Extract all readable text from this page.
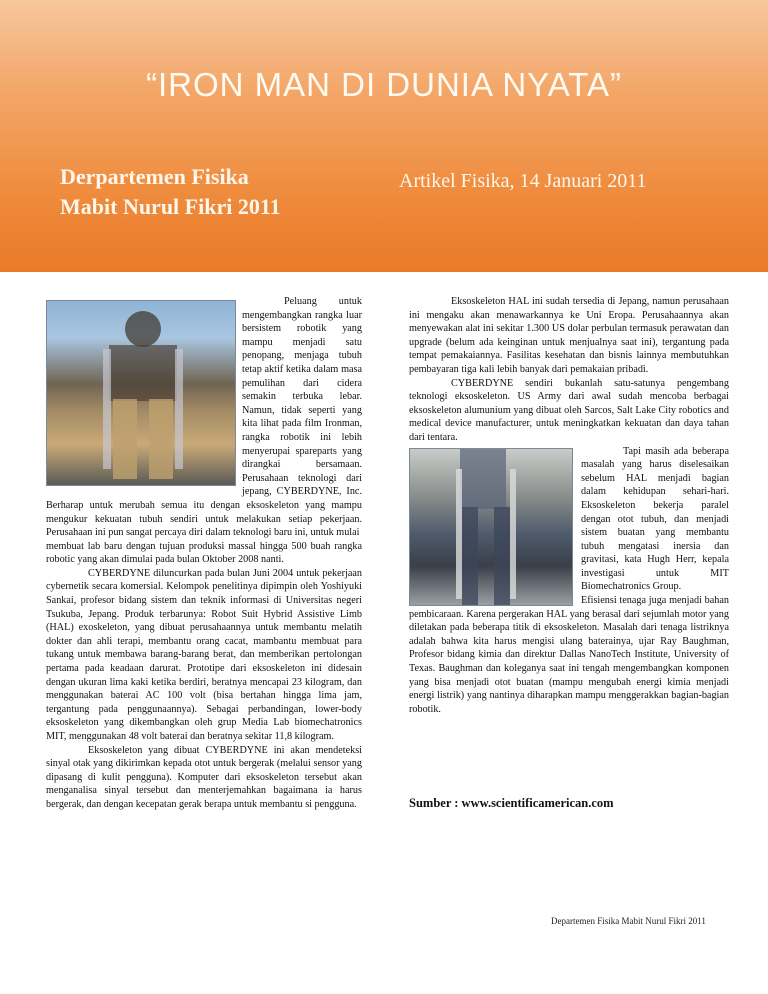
“IRON MAN DI DUNIA NYATA”
Derpartemen Fisika
Mabit Nurul Fikri 2011
Artikel Fisika, 14 Januari 2011

Peluang untuk mengembangkan rangka luar bersistem robotik yang mampu menjadi satu penopang, menjaga tubuh tetap aktif ketika dalam masa pemulihan dari cidera semakin terbuka lebar. Namun, tidak seperti yang kita lihat pada film Ironman, rangka robotik ini lebih menyerupai spareparts yang dirangkai bersamaan. Perusahaan teknologi dari jepang, CYBERDYNE, Inc. Berharap untuk merubah semua itu dengan eksoskeleton yang mampu mengukur kekuatan tubuh sendiri untuk melakukan setiap pekerjaan. Perusahaan ini pun sangat percaya diri dalam teknologi baru ini, untuk mulai

membuat lab baru dengan tujuan produksi massal hingga 500 buah rangka robotic yang akan dimulai pada bulan Oktober 2008 nanti.

CYBERDYNE diluncurkan pada bulan Juni 2004 untuk pekerjaan cybernetik secara komersial. Kelompok penelitinya dipimpin oleh Yoshiyuki Sankai, profesor bidang sistem dan teknik informasi di Universitas negeri Tsukuba, Jepang. Produk terbarunya: Robot Suit Hybrid Assistive Limb (HAL) exoskeleton, yang dibuat perusahaannya untuk membantu melatih dokter dan ahli terapi, membantu orang cacat, mambantu membuat para tukang untuk membawa barang-barang berat, dan memberikan pertolongan pertama pada keadaan darurat. Prototipe dari eksoskeleton ini didesain dengan ukuran lima kaki ketika berdiri, beratnya mencapai 23 kilogram, dan menggunakan baterai AC 100 volt (bisa bertahan hingga lima jam, tergantung pada penggunaannya). Sebagai perbandingan, lower-body eksoskeleton yang dikembangkan oleh grup Media Lab biomechatronics MIT, menggunakan 48 volt baterai dan beratnya sekitar 11,8 kilogram.

Eksoskeleton yang dibuat CYBERDYNE ini akan mendeteksi sinyal otak yang dikirimkan kepada otot untuk bergerak (melalui sensor yang dipasang di kulit pengguna). Komputer dari eksoskeleton tersebut akan menganalisa sinyal tersebut dan menterjemahkan bagaimana ia harus bergerak, dan dengan kecepatan gerak berapa untuk membantu si pengguna.

Eksoskeleton HAL ini sudah tersedia di Jepang, namun perusahaan ini mengaku akan menawarkannya ke Uni Eropa. Perusahaannya akan menyewakan alat ini sekitar 1.300 US dolar perbulan termasuk perawatan dan upgrade (belum ada keinginan untuk menjualnya saat ini), tergantung pada tempat pemakaiannya. Fasilitas kesehatan dan bisnis lainnya membutuhkan pembayaran tiga kali lebih banyak dari pemakaian pribadi.

CYBERDYNE sendiri bukanlah satu-satunya pengembang teknologi eksoskeleton. US Army dari awal sudah mencoba berbagai eksoskeleton alumunium yang dibuat oleh Sarcos, Salt Lake City robotics and medical device manufacturer, untuk meningkatkan kekuatan dan daya tahan dari tentara.

Tapi masih ada beberapa masalah yang harus diselesaikan sebelum HAL menjadi bagian dalam kehidupan sehari-hari. Eksoskeleton bekerja paralel dengan otot tubuh, dan menjadi sistem buatan yang membantu tubuh mengatasi inersia dan gravitasi, kata Hugh Herr, kepala investigasi untuk MIT Biomechatronics Group.

Efisiensi tenaga juga menjadi bahan pembicaraan. Karena pergerakan HAL yang berasal dari sejumlah motor yang diletakan pada beberapa titik di eksoskeleton. Masalah dari tenaga listriknya adalah bahwa kita harus mengisi ulang baterainya, ujar Ray Baughman, Profesor bidang kimia dan direktur Dallas NanoTech Institute, University of Texas. Baughman dan koleganya saat ini tengah mengembangkan komponen yang bisa menjadi otot buatan (mampu mengubah energi kimia menjadi energi listrik) yang nantinya diharapkan mampu menggerakkan bagian-bagian robotik.

Sumber : www.scientificamerican.com
Departemen Fisika Mabit Nurul Fikri 2011
